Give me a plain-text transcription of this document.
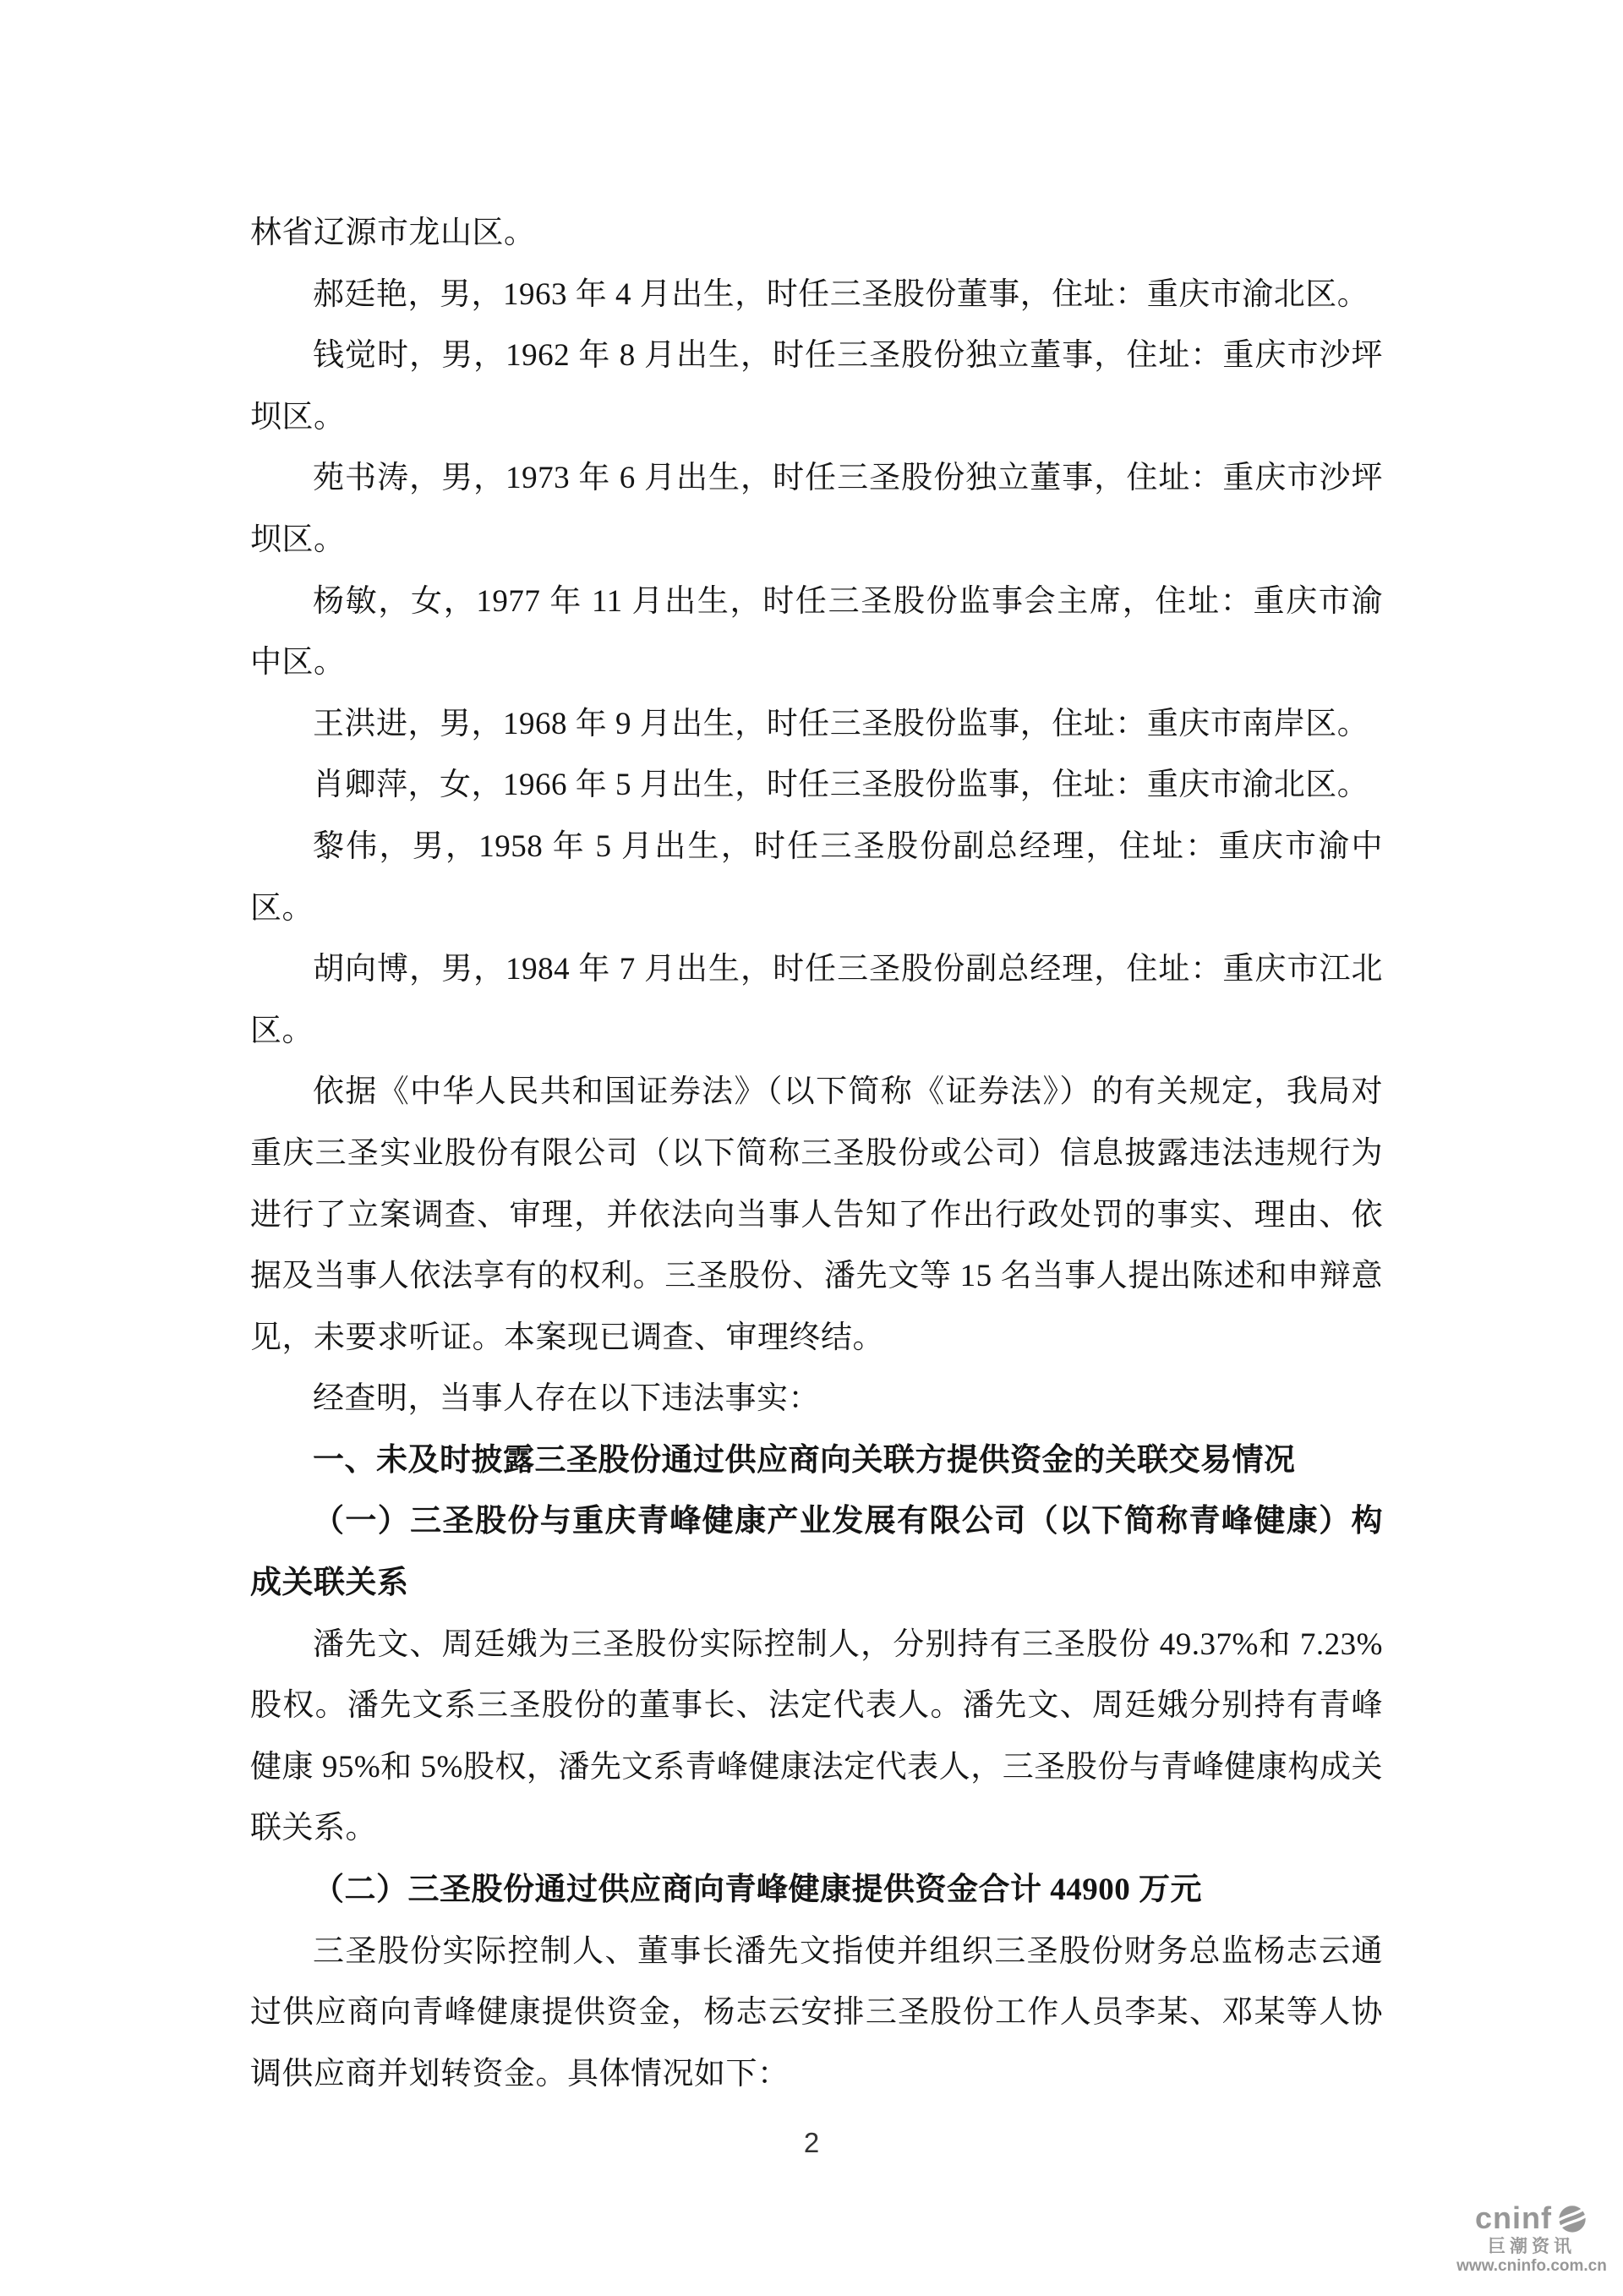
林省辽源市龙山区。

郝廷艳，男，1963 年 4 月出生，时任三圣股份董事，住址：重庆市渝北区。

钱觉时，男，1962 年 8 月出生，时任三圣股份独立董事，住址：重庆市沙坪坝区。

苑书涛，男，1973 年 6 月出生，时任三圣股份独立董事，住址：重庆市沙坪坝区。

杨敏，女，1977 年 11 月出生，时任三圣股份监事会主席，住址：重庆市渝中区。

王洪进，男，1968 年 9 月出生，时任三圣股份监事，住址：重庆市南岸区。

肖卿萍，女，1966 年 5 月出生，时任三圣股份监事，住址：重庆市渝北区。

黎伟，男，1958 年 5 月出生，时任三圣股份副总经理，住址：重庆市渝中区。

胡向博，男，1984 年 7 月出生，时任三圣股份副总经理，住址：重庆市江北区。

依据《中华人民共和国证券法》（以下简称《证券法》）的有关规定，我局对重庆三圣实业股份有限公司（以下简称三圣股份或公司）信息披露违法违规行为进行了立案调查、审理，并依法向当事人告知了作出行政处罚的事实、理由、依据及当事人依法享有的权利。三圣股份、潘先文等 15 名当事人提出陈述和申辩意见，未要求听证。本案现已调查、审理终结。

经查明，当事人存在以下违法事实：

一、未及时披露三圣股份通过供应商向关联方提供资金的关联交易情况

（一）三圣股份与重庆青峰健康产业发展有限公司（以下简称青峰健康）构成关联关系

潘先文、周廷娥为三圣股份实际控制人，分别持有三圣股份 49.37%和 7.23%股权。潘先文系三圣股份的董事长、法定代表人。潘先文、周廷娥分别持有青峰健康 95%和 5%股权，潘先文系青峰健康法定代表人，三圣股份与青峰健康构成关联关系。

（二）三圣股份通过供应商向青峰健康提供资金合计 44900 万元

三圣股份实际控制人、董事长潘先文指使并组织三圣股份财务总监杨志云通过供应商向青峰健康提供资金，杨志云安排三圣股份工作人员李某、邓某等人协调供应商并划转资金。具体情况如下：

2
cninf
巨潮资讯
www.cninfo.com.cn
